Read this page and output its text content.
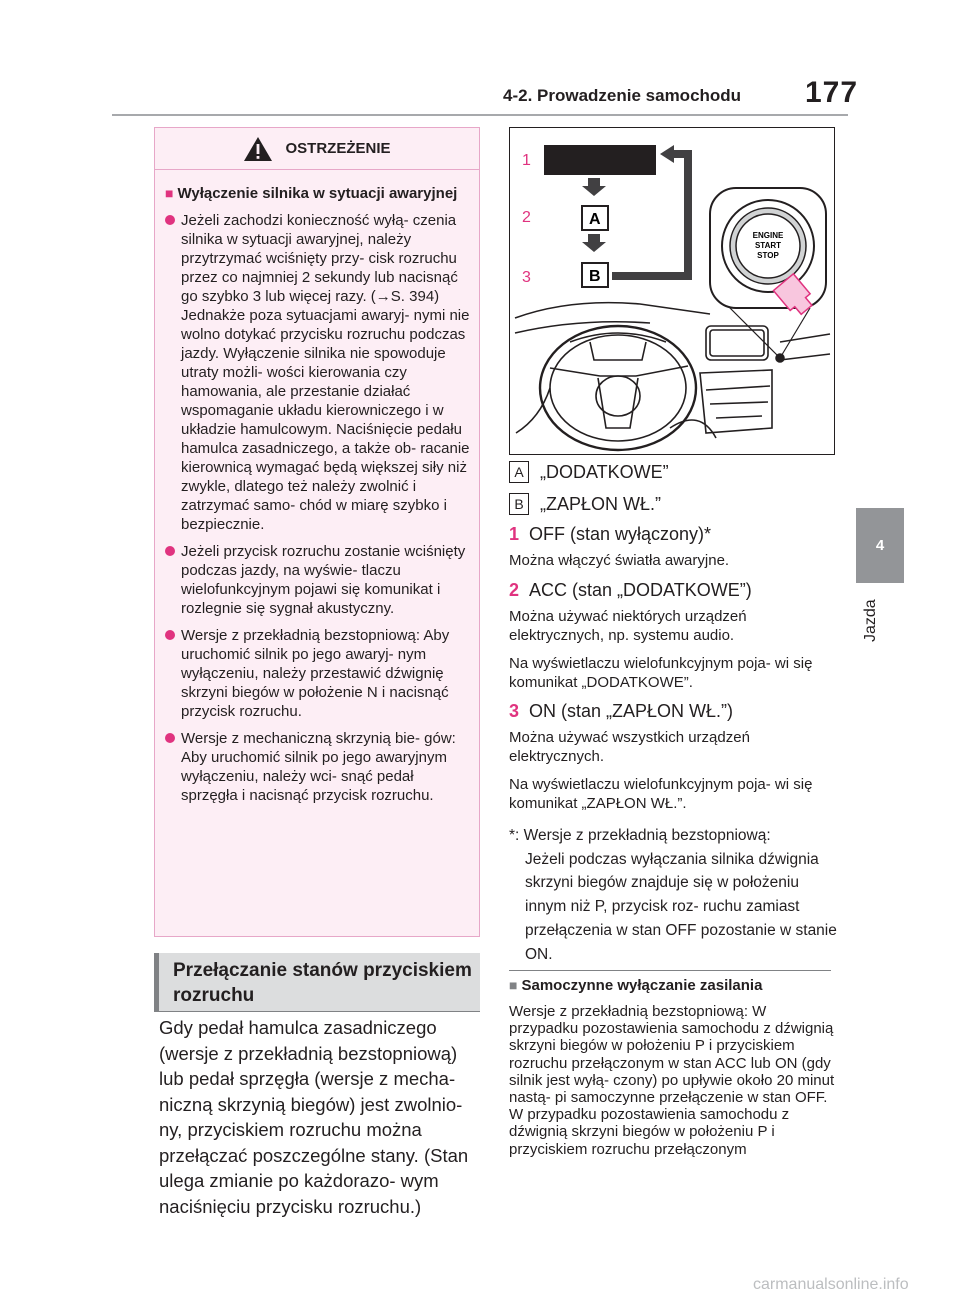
4-2. Prowadzenie samochodu 177
4
Jazda
OSTRZEŻENIE
■ Wyłączenie silnika w sytuacji awaryjnej
Jeżeli zachodzi konieczność wyłą- czenia silnika w sytuacji awaryjnej, należy przytrzymać wciśnięty przy- cisk rozruchu przez co najmniej 2 sekundy lub nacisnąć go szybko 3 lub więcej razy. (→S. 394)
Jednakże poza sytuacjami awaryj- nymi nie wolno dotykać przycisku rozruchu podczas jazdy. Wyłączenie silnika nie spowoduje utraty możli- wości kierowania czy hamowania, ale przestanie działać wspomaganie układu kierowniczego i w układzie hamulcowym. Naciśnięcie pedału hamulca zasadniczego, a także ob- racanie kierownicą wymagać będą większej siły niż zwykle, dlatego też należy zwolnić i zatrzymać samo- chód w miarę szybko i bezpiecznie.
Jeżeli przycisk rozruchu zostanie wciśnięty podczas jazdy, na wyświe- tlaczu wielofunkcyjnym pojawi się komunikat i rozlegnie się sygnał akustyczny.
Wersje z przekładnią bezstopniową: Aby uruchomić silnik po jego awaryj- nym wyłączeniu, należy przestawić dźwignię skrzyni biegów w położenie N i nacisnąć przycisk rozruchu.
Wersje z mechaniczną skrzynią bie- gów: Aby uruchomić silnik po jego awaryjnym wyłączeniu, należy wci- snąć pedał sprzęgła i nacisnąć przycisk rozruchu.
Przełączanie stanów przyciskiem rozruchu
Gdy pedał hamulca zasadniczego (wersje z przekładnią bezstopniową) lub pedał sprzęgła (wersje z mecha- niczną skrzynią biegów) jest zwolnio- ny, przyciskiem rozruchu można przełączać poszczególne stany. (Stan ulega zmianie po każdorazo- wym naciśnięciu przycisku rozruchu.)
1
2
3
A
B
ENGINE
START
STOP
A „DODATKOWE”
B „ZAPŁON WŁ.”
1 OFF (stan wyłączony)*
Można włączyć światła awaryjne.
2 ACC (stan „DODATKOWE”)
Można używać niektórych urządzeń elektrycznych, np. systemu audio.
Na wyświetlaczu wielofunkcyjnym poja- wi się komunikat „DODATKOWE”.
3 ON (stan „ZAPŁON WŁ.”)
Można używać wszystkich urządzeń elektrycznych.
Na wyświetlaczu wielofunkcyjnym poja- wi się komunikat „ZAPŁON WŁ.”.
*: Wersje z przekładnią bezstopniową:
Jeżeli podczas wyłączania silnika dźwignia skrzyni biegów znajduje się w położeniu innym niż P, przycisk roz- ruchu zamiast przełączenia w stan OFF pozostanie w stanie ON.
■ Samoczynne wyłączanie zasilania
Wersje z przekładnią bezstopniową: W przypadku pozostawienia samochodu z dźwignią skrzyni biegów w położeniu P i przyciskiem rozruchu przełączonym w stan ACC lub ON (gdy silnik jest wyłą- czony) po upływie około 20 minut nastą- pi samoczynne przełączenie w stan OFF. W przypadku pozostawienia samochodu z dźwignią skrzyni biegów w położeniu P i przyciskiem rozruchu przełączonym
carmanualsonline.info
